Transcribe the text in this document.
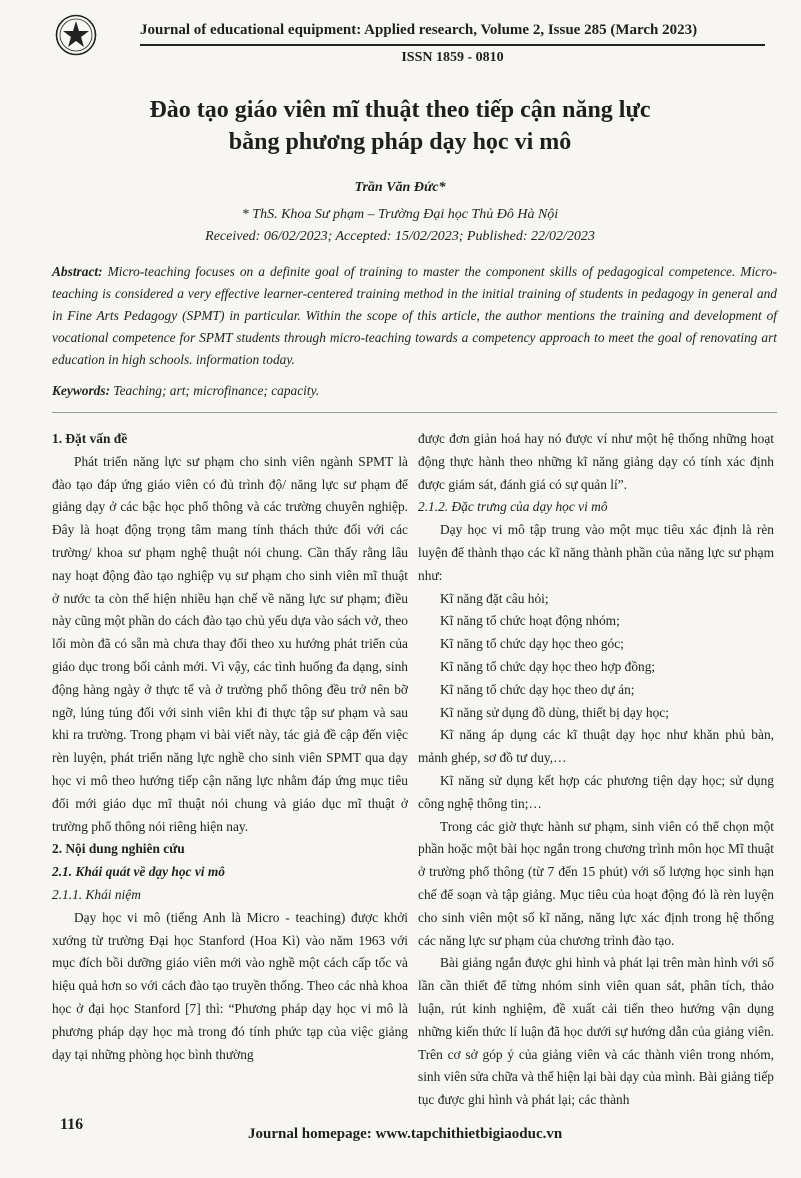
Journal of educational equipment: Applied research, Volume 2, Issue 285 (March 2023)
ISSN 1859 - 0810
Đào tạo giáo viên mĩ thuật theo tiếp cận năng lực
bằng phương pháp dạy học vi mô
Trần Văn Đức*
* ThS. Khoa Sư phạm – Trường Đại học Thủ Đô Hà Nội
Received: 06/02/2023; Accepted: 15/02/2023; Published: 22/02/2023

Abstract: Micro-teaching focuses on a definite goal of training to master the component skills of pedagogical competence. Micro-teaching is considered a very effective learner-centered training method in the initial training of students in pedagogy in general and in Fine Arts Pedagogy (SPMT) in particular. Within the scope of this article, the author mentions the training and development of vocational competence for SPMT students through micro-teaching towards a competency approach to meet the goal of renovating art education in high schools. information today.

Keywords: Teaching; art; microfinance; capacity.

1. Đặt vấn đề

Phát triển năng lực sư phạm cho sinh viên ngành SPMT là đào tạo đáp ứng giáo viên có đủ trình độ/ năng lực sư phạm để giảng dạy ở các bậc học phổ thông và các trường chuyên nghiệp. Đây là hoạt động trọng tâm mang tính thách thức đối với các trường/ khoa sư phạm nghệ thuật nói chung. Cần thấy rằng lâu nay hoạt động đào tạo nghiệp vụ sư phạm cho sinh viên mĩ thuật ở nước ta còn thể hiện nhiều hạn chế về năng lực sư phạm; điều này cũng một phần do cách đào tạo chủ yếu dựa vào sách vở, theo lối mòn đã có sẵn mà chưa thay đổi theo xu hướng phát triển của giáo dục trong bối cảnh mới. Vì vậy, các tình huống đa dạng, sinh động hàng ngày ở thực tế và ở trường phổ thông đều trở nên bỡ ngỡ, lúng túng đối với sinh viên khi đi thực tập sư phạm và sau khi ra trường. Trong phạm vi bài viết này, tác giả đề cập đến việc rèn luyện, phát triển năng lực nghề cho sinh viên SPMT qua dạy học vi mô theo hướng tiếp cận năng lực nhằm đáp ứng mục tiêu đổi mới giáo dục mĩ thuật nói chung và giáo dục mĩ thuật ở trường phổ thông nói riêng hiện nay.

2. Nội dung nghiên cứu

2.1. Khái quát về dạy học vi mô

2.1.1. Khái niệm

Dạy học vi mô (tiếng Anh là Micro - teaching) được khởi xướng từ trường Đại học Stanford (Hoa Kì) vào năm 1963 với mục đích bồi dưỡng giáo viên mới vào nghề một cách cấp tốc và hiệu quả hơn so với cách đào tạo truyền thống. Theo các nhà khoa học ở đại học Stanford [7] thì: “Phương pháp dạy học vi mô là phương pháp dạy học mà trong đó tính phức tạp của việc giảng dạy tại những phòng học bình thường

được đơn giản hoá hay nó được ví như một hệ thống những hoạt động thực hành theo những kĩ năng giảng dạy có tính xác định được giám sát, đánh giá có sự quản lí”.

2.1.2. Đặc trưng của dạy học vi mô

Dạy học vi mô tập trung vào một mục tiêu xác định là rèn luyện để thành thạo các kĩ năng thành phần của năng lực sư phạm như:

Kĩ năng đặt câu hỏi;

Kĩ năng tổ chức hoạt động nhóm;

Kĩ năng tổ chức dạy học theo góc;

Kĩ năng tổ chức dạy học theo hợp đồng;

Kĩ năng tổ chức dạy học theo dự án;

Kĩ năng sử dụng đồ dùng, thiết bị dạy học;

Kĩ năng áp dụng các kĩ thuật dạy học như khăn phủ bàn, mảnh ghép, sơ đồ tư duy,…

Kĩ năng sử dụng kết hợp các phương tiện dạy học; sử dụng công nghệ thông tin;…

Trong các giờ thực hành sư phạm, sinh viên có thể chọn một phần hoặc một bài học ngắn trong chương trình môn học Mĩ thuật ở trường phổ thông (từ 7 đến 15 phút) với số lượng học sinh hạn chế để soạn và tập giảng. Mục tiêu của hoạt động đó là rèn luyện cho sinh viên một số kĩ năng, năng lực xác định trong hệ thống các năng lực sư phạm của chương trình đào tạo.

Bài giảng ngắn được ghi hình và phát lại trên màn hình với số lần cần thiết để từng nhóm sinh viên quan sát, phân tích, thảo luận, rút kinh nghiệm, đề xuất cải tiến theo hướng vận dụng những kiến thức lí luận đã học dưới sự hướng dẫn của giảng viên. Trên cơ sở góp ý của giảng viên và các thành viên trong nhóm, sinh viên sửa chữa và thể hiện lại bài dạy của mình. Bài giảng tiếp tục được ghi hình và phát lại; các thành

116
Journal homepage: www.tapchithietbigiaoduc.vn
